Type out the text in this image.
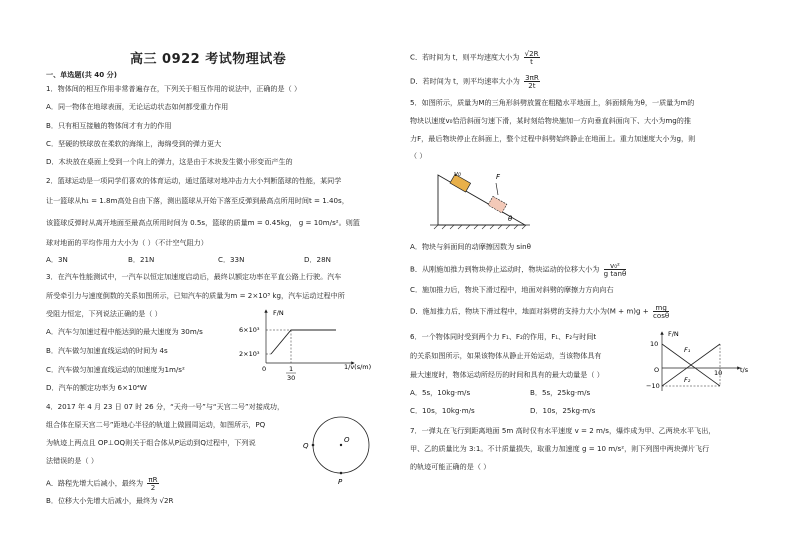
高三 0922 考试物理试卷
一、单选题(共 40 分)
1．物体间的相互作用非常普遍存在，下列关于相互作用的说法中，正确的是（ ）
A．同一物体在地球表面，无论运动状态如何都受重力作用
B．只有相互接触的物体间才有力的作用
C．坚硬的铁球放在柔软的海绵上，海绵受到的弹力更大
D．木块放在桌面上受到一个向上的弹力，这是由于木块发生微小形变而产生的
2．篮球运动是一项同学们喜欢的体育运动，通过篮球对地冲击力大小判断篮球的性能，某同学
让一篮球从h₁ = 1.8m高处自由下落，测出篮球从开始下落至反弹到最高点所用时间t = 1.40s，
该篮球反弹时从离开地面至最高点所用时间为 0.5s，篮球的质量m = 0.45kg， g = 10m/s²。则篮
球对地面的平均作用力大小为（ ）（不计空气阻力）
A．3N	B．21N	C．33N	D．28N
3．在汽车性能测试中，一汽车以恒定加速度启动后，最终以额定功率在平直公路上行驶。汽车
所受牵引力与速度倒数的关系如图所示，已知汽车的质量为m = 2×10³ kg，汽车运动过程中所
受阻力恒定，下列说法正确的是（ ）
A．汽车匀加速过程中能达到的最大速度为 30m/s
B．汽车做匀加速直线运动的时间为 4s
C．汽车做匀加速直线运动的加速度为1m/s²
D．汽车的额定功率为 6×10⁴W
F/N
6×10³
2×10³
0	1
30
1/v(s/m)
4．2017 年 4 月 23 日 07 时 26 分，“天舟一号”与“天宫二号”对接成功，
组合体在原天宫二号”距地心半径的轨道上做圆周运动，如图所示，PQ
为轨迹上两点且 OP⊥OQ则关于组合体从P运动到Q过程中，下列说
法错误的是（ ）
A．路程先增大后减小，最终为 $\frac{\pi R}{2}$
B．位移大小先增大后减小，最终为 √2R
Q
O
P
C．若时间为 t，则平均速度大小为 $\frac{√2R}{t}$
D．若时间为 t，则平均速率大小为 $\frac{3\pi R}{2t}$
5．如图所示，质量为M的三角形斜劈放置在粗糙水平地面上，斜面倾角为θ，一质量为m的
物块以速度v₀恰沿斜面匀速下滑，某时刻给物块施加一方向垂直斜面向下、大小为mg的推
力F，最后物块停止在斜面上，整个过程中斜劈始终静止在地面上。重力加速度大小为g，则
（ ）
v₀	F
θ
A．物块与斜面间的动摩擦因数为 sinθ
B．从刚施加推力到物块停止运动时，物块运动的位移大小为 $\frac{\text{v₀²}}{\text{g tanθ}}$
C．施加推力后，物块下滑过程中，地面对斜劈的摩擦力方向向右
D．施加推力后，物块下滑过程中，地面对斜劈的支持力大小为$(M + m)g + \frac{mg}{\cos\theta}$
6．一个物体同时受到两个力 F₁、F₂的作用，F₁、F₂与时间t
的关系如图所示，如果该物体从静止开始运动，当该物体具有
最大速度时，物体运动所经历的时间和具有的最大动量是（ ）
A．5s，10kg·m/s	B．5s，25kg·m/s
C．10s，10kg·m/s	D．10s，25kg·m/s
F/N
10
−10
O	10	t/s
F₁
F₂
7．一弹丸在飞行到距离地面 5m 高时仅有水平速度 v = 2 m/s，爆炸成为甲、乙两块水平飞出，
甲、乙的质量比为 3:1。不计质量损失，取重力加速度 g = 10 m/s²，则下列图中两块弹片飞行
的轨迹可能正确的是（ ）
